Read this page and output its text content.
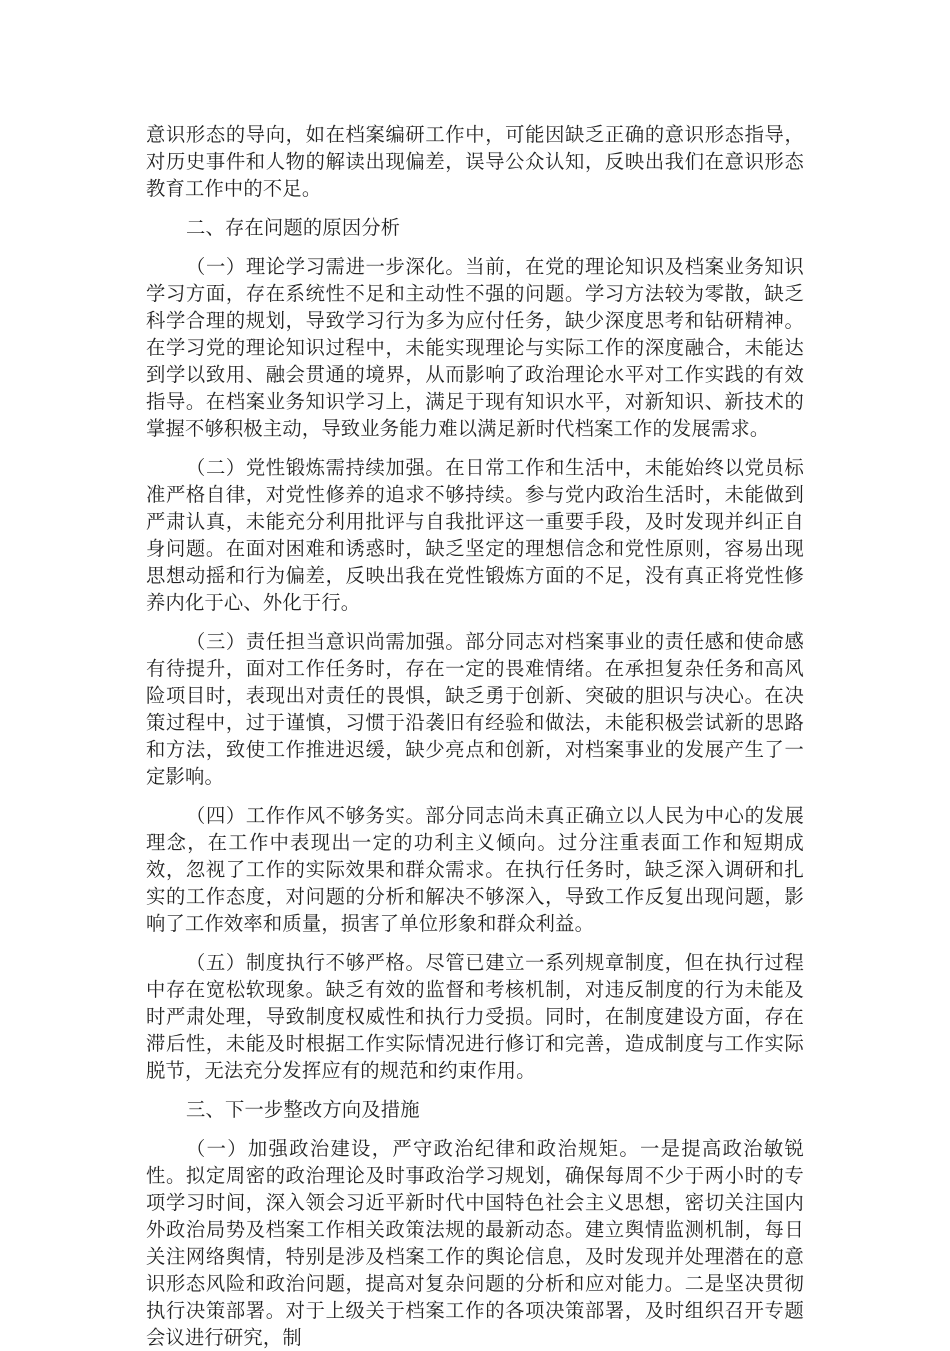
意识形态的导向，如在档案编研工作中，可能因缺乏正确的意识形态指导，对历史事件和人物的解读出现偏差，误导公众认知，反映出我们在意识形态教育工作中的不足。

二、存在问题的原因分析

（一）理论学习需进一步深化。当前，在党的理论知识及档案业务知识学习方面，存在系统性不足和主动性不强的问题。学习方法较为零散，缺乏科学合理的规划，导致学习行为多为应付任务，缺少深度思考和钻研精神。在学习党的理论知识过程中，未能实现理论与实际工作的深度融合，未能达到学以致用、融会贯通的境界，从而影响了政治理论水平对工作实践的有效指导。在档案业务知识学习上，满足于现有知识水平，对新知识、新技术的掌握不够积极主动，导致业务能力难以满足新时代档案工作的发展需求。

（二）党性锻炼需持续加强。在日常工作和生活中，未能始终以党员标准严格自律，对党性修养的追求不够持续。参与党内政治生活时，未能做到严肃认真，未能充分利用批评与自我批评这一重要手段，及时发现并纠正自身问题。在面对困难和诱惑时，缺乏坚定的理想信念和党性原则，容易出现思想动摇和行为偏差，反映出我在党性锻炼方面的不足，没有真正将党性修养内化于心、外化于行。

（三）责任担当意识尚需加强。部分同志对档案事业的责任感和使命感有待提升，面对工作任务时，存在一定的畏难情绪。在承担复杂任务和高风险项目时，表现出对责任的畏惧，缺乏勇于创新、突破的胆识与决心。在决策过程中，过于谨慎，习惯于沿袭旧有经验和做法，未能积极尝试新的思路和方法，致使工作推进迟缓，缺少亮点和创新，对档案事业的发展产生了一定影响。

（四）工作作风不够务实。部分同志尚未真正确立以人民为中心的发展理念，在工作中表现出一定的功利主义倾向。过分注重表面工作和短期成效，忽视了工作的实际效果和群众需求。在执行任务时，缺乏深入调研和扎实的工作态度，对问题的分析和解决不够深入，导致工作反复出现问题，影响了工作效率和质量，损害了单位形象和群众利益。

（五）制度执行不够严格。尽管已建立一系列规章制度，但在执行过程中存在宽松软现象。缺乏有效的监督和考核机制，对违反制度的行为未能及时严肃处理，导致制度权威性和执行力受损。同时，在制度建设方面，存在滞后性，未能及时根据工作实际情况进行修订和完善，造成制度与工作实际脱节，无法充分发挥应有的规范和约束作用。

三、下一步整改方向及措施

（一）加强政治建设，严守政治纪律和政治规矩。一是提高政治敏锐性。拟定周密的政治理论及时事政治学习规划，确保每周不少于两小时的专项学习时间，深入领会习近平新时代中国特色社会主义思想，密切关注国内外政治局势及档案工作相关政策法规的最新动态。建立舆情监测机制，每日关注网络舆情，特别是涉及档案工作的舆论信息，及时发现并处理潜在的意识形态风险和政治问题，提高对复杂问题的分析和应对能力。二是坚决贯彻执行决策部署。对于上级关于档案工作的各项决策部署，及时组织召开专题会议进行研究，制
